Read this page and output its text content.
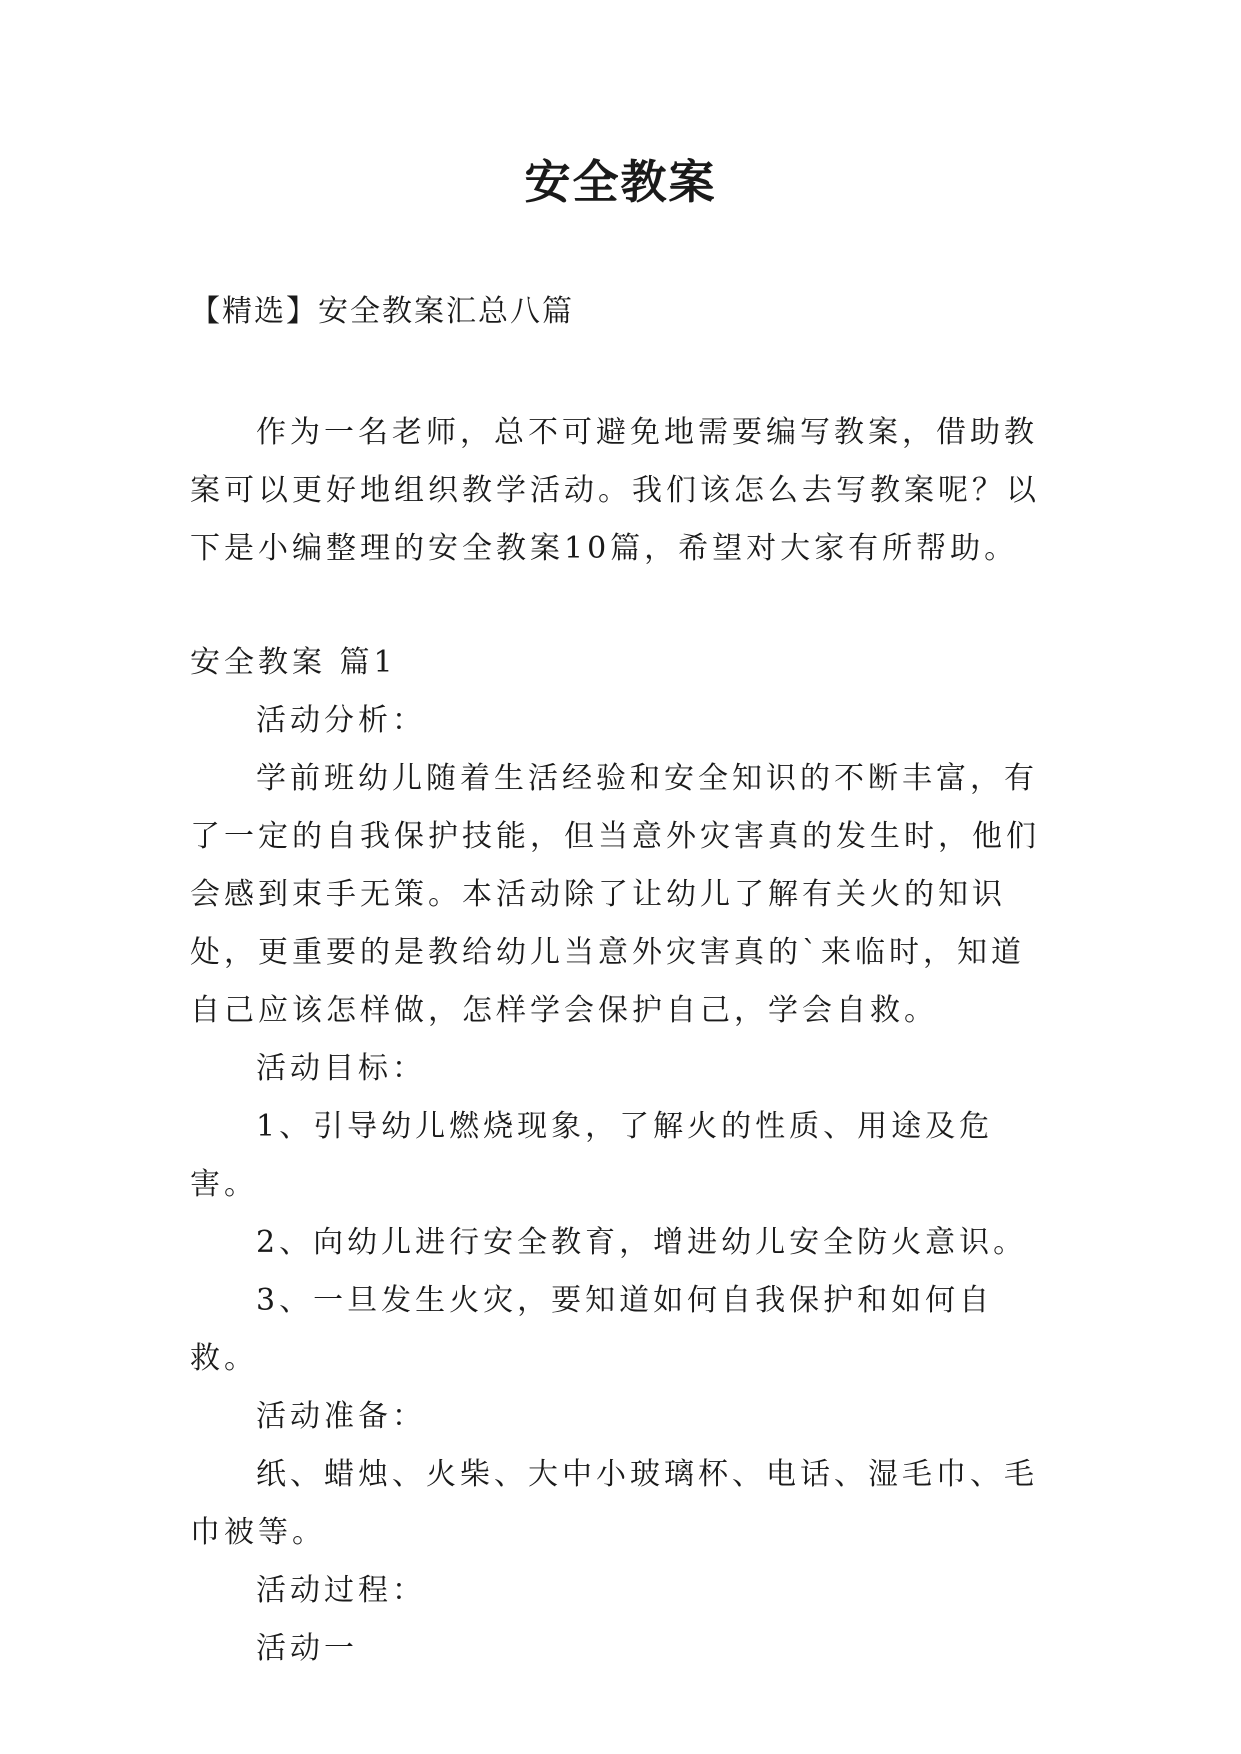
安全教案
【精选】安全教案汇总八篇

作为一名老师，总不可避免地需要编写教案，借助教案可以更好地组织教学活动。我们该怎么去写教案呢？以下是小编整理的安全教案10篇，希望对大家有所帮助。

安全教案 篇1

活动分析：

学前班幼儿随着生活经验和安全知识的不断丰富，有了一定的自我保护技能，但当意外灾害真的发生时，他们会感到束手无策。本活动除了让幼儿了解有关火的知识处，更重要的是教给幼儿当意外灾害真的`来临时，知道自己应该怎样做，怎样学会保护自己，学会自救。

活动目标：

1、引导幼儿燃烧现象，了解火的性质、用途及危害。

2、向幼儿进行安全教育，增进幼儿安全防火意识。

3、一旦发生火灾，要知道如何自我保护和如何自救。

活动准备：

纸、蜡烛、火柴、大中小玻璃杯、电话、湿毛巾、毛巾被等。

活动过程：

活动一
